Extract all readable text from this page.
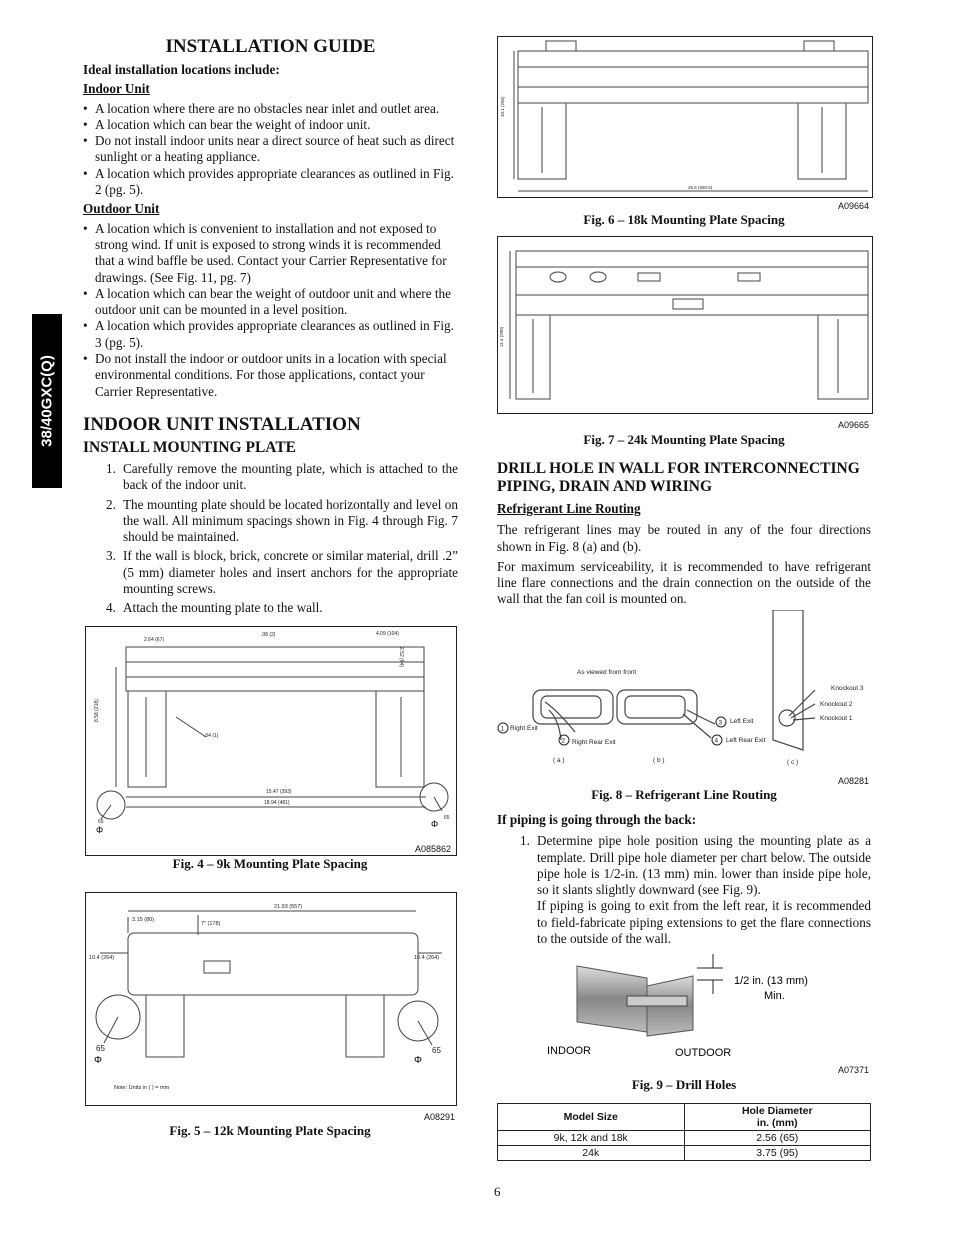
38/40GXC(Q)
INSTALLATION GUIDE

Ideal installation locations include:

Indoor Unit

• A location where there are no obstacles near inlet and outlet area.
• A location which can bear the weight of indoor unit.
• Do not install indoor units near a direct source of heat such as direct sunlight or a heating appliance.
• A location which provides appropriate clearances as outlined in Fig. 2 (pg. 5).

Outdoor Unit

• A location which is convenient to installation and not exposed to strong wind. If unit is exposed to strong winds it is recommended that a wind baffle be used. Contact your Carrier Representative for drawings. (See Fig. 11, pg. 7)
• A location which can bear the weight of outdoor unit and where the outdoor unit can be mounted in a level position.
• A location which provides appropriate clearances as outlined in Fig. 3 (pg. 5).
• Do not install the indoor or outdoor units in a location with special environmental conditions. For those applications, contact your Carrier Representative.
INDOOR UNIT INSTALLATION
INSTALL MOUNTING PLATE
1. Carefully remove the mounting plate, which is attached to the back of the indoor unit.
2. The mounting plate should be located horizontally and level on the wall. All minimum spacings shown in Fig. 4 through Fig. 7 should be maintained.
3. If the wall is block, brick, concrete or similar material, drill .2” (5 mm) diameter holes and insert anchors for the appropriate mounting screws.
4. Attach the mounting plate to the wall.
2.64 (67)
.08 (2)	4.09 (104)
8.58 (218)
.04 (1)
15.47 (393)
18.94 (481)
2.52 (64)
65
65
Φ
Φ
A085862
Fig. 4 – 9k Mounting Plate Spacing
21.93 (557)
3.15 (80)
7" (178)
10.4 (264)	10.4 (264)
65	65
Note: Units in ( ) = mm
Φ	Φ
A08291
Fig. 5 – 12k Mounting Plate Spacing
25.6 (650.5)
10.1 (256)
A09664
Fig. 6 – 18k Mounting Plate Spacing
11.4 (290)
A09665
Fig. 7 – 24k Mounting Plate Spacing
DRILL HOLE IN WALL FOR INTERCONNECTING PIPING, DRAIN AND WIRING

Refrigerant Line Routing

The refrigerant lines may be routed in any of the four directions shown in Fig. 8 (a) and (b).

For maximum serviceability, it is recommended to have refrigerant line flare connections and the drain connection on the outside of the wall that the fan coil is mounted on.

As viewed from front
1 Right Exit
2 Right Rear Exit
3 Left Exit
4 Left Rear Exit
( a )	( b )	( c )
Knockout 3
Knockout 2
Knockout 1
A08281
Fig. 8 – Refrigerant Line Routing

If piping is going through the back:

1. Determine pipe hole position using the mounting plate as a template. Drill pipe hole diameter per chart below. The outside pipe hole is 1/2-in. (13 mm) min. lower than inside pipe hole, so it slants slightly downward (see Fig. 9).
If piping is going to exit from the left rear, it is recommended to field-fabricate piping extensions to get the flare connections to the outside of the wall.
1/2 in. (13 mm)
Min.
INDOOR	OUTDOOR
A07371
Fig. 9 – Drill Holes
Model Size	Hole Diameter
in. (mm)
9k, 12k and 18k	2.56 (65)
24k	3.75 (95)
6
